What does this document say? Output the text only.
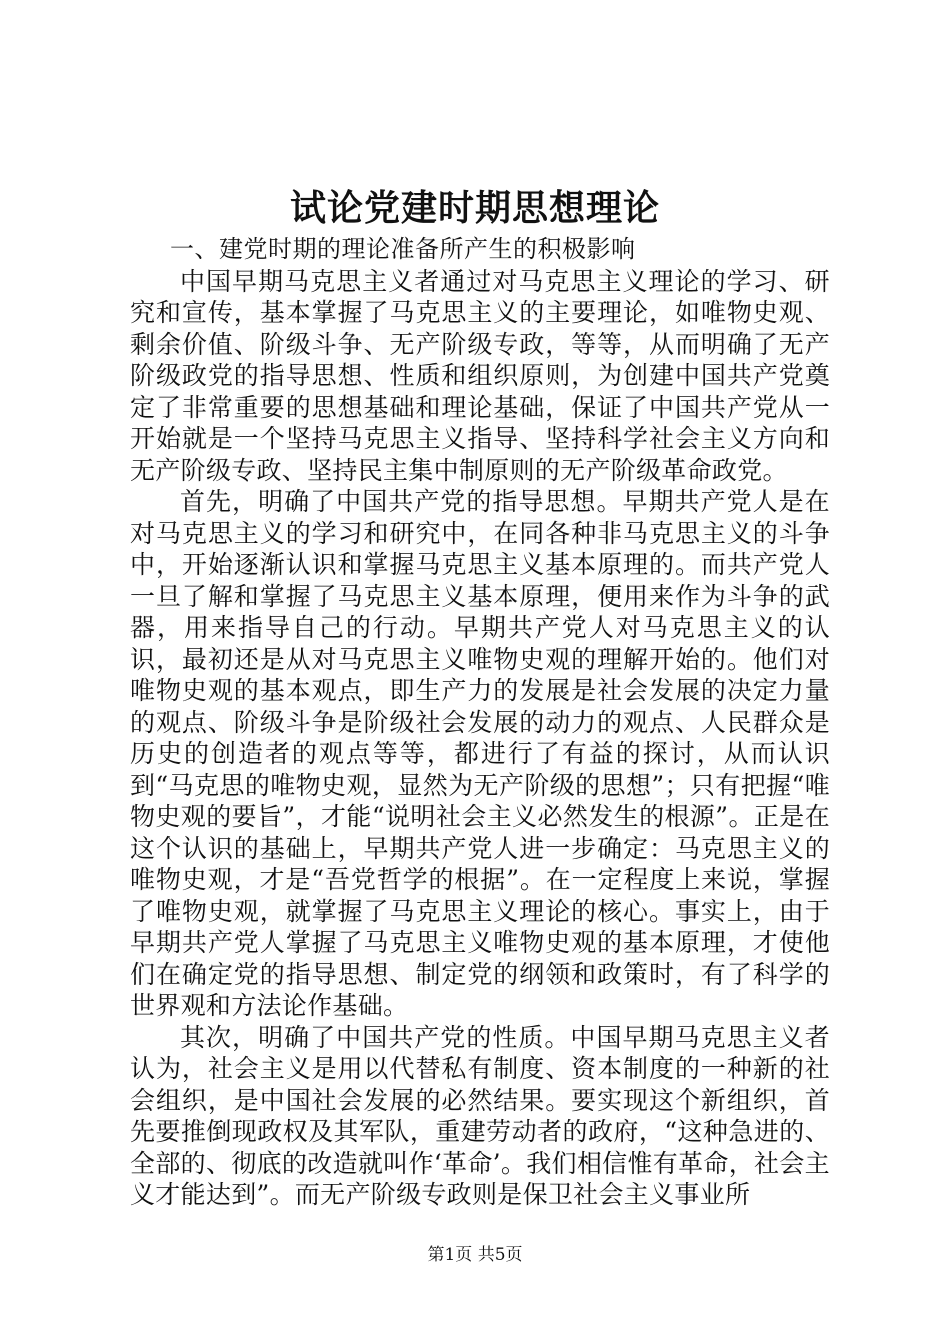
试论党建时期思想理论

一、建党时期的理论准备所产生的积极影响

中国早期马克思主义者通过对马克思主义理论的学习、研究和宣传，基本掌握了马克思主义的主要理论，如唯物史观、剩余价值、阶级斗争、无产阶级专政，等等，从而明确了无产阶级政党的指导思想、性质和组织原则，为创建中国共产党奠定了非常重要的思想基础和理论基础，保证了中国共产党从一开始就是一个坚持马克思主义指导、坚持科学社会主义方向和无产阶级专政、坚持民主集中制原则的无产阶级革命政党。

首先，明确了中国共产党的指导思想。早期共产党人是在对马克思主义的学习和研究中，在同各种非马克思主义的斗争中，开始逐渐认识和掌握马克思主义基本原理的。而共产党人一旦了解和掌握了马克思主义基本原理，便用来作为斗争的武器，用来指导自己的行动。早期共产党人对马克思主义的认识，最初还是从对马克思主义唯物史观的理解开始的。他们对唯物史观的基本观点，即生产力的发展是社会发展的决定力量的观点、阶级斗争是阶级社会发展的动力的观点、人民群众是历史的创造者的观点等等，都进行了有益的探讨，从而认识到“马克思的唯物史观，显然为无产阶级的思想”；只有把握“唯物史观的要旨”，才能“说明社会主义必然发生的根源”。正是在这个认识的基础上，早期共产党人进一步确定：马克思主义的唯物史观，才是“吾党哲学的根据”。在一定程度上来说，掌握了唯物史观，就掌握了马克思主义理论的核心。事实上，由于早期共产党人掌握了马克思主义唯物史观的基本原理，才使他们在确定党的指导思想、制定党的纲领和政策时，有了科学的世界观和方法论作基础。

其次，明确了中国共产党的性质。中国早期马克思主义者认为，社会主义是用以代替私有制度、资本制度的一种新的社会组织，是中国社会发展的必然结果。要实现这个新组织，首先要推倒现政权及其军队，重建劳动者的政府，“这种急进的、全部的、彻底的改造就叫作‘革命’。我们相信惟有革命，社会主义才能达到”。而无产阶级专政则是保卫社会主义事业所

第1页 共5页
